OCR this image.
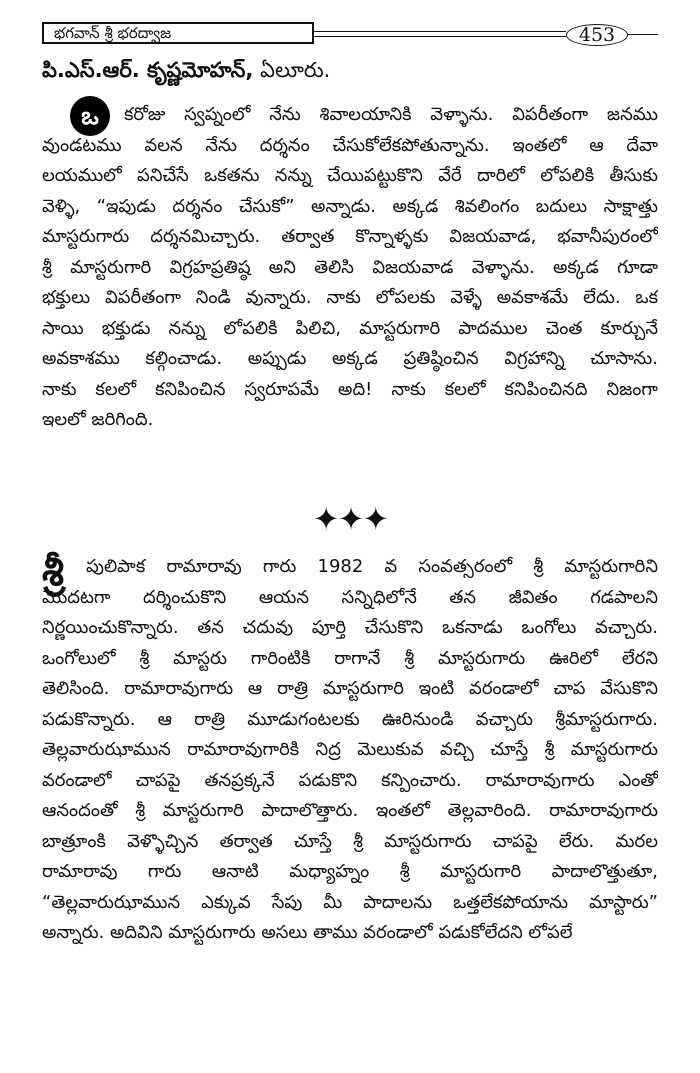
భగవాన్ శ్రీ భరద్వాజ	453
పి.ఎస్.ఆర్. కృష్ణమోహన్, ఏలూరు.
ఒ	కరోజు స్వప్నంలో నేను శివాలయానికి వెళ్ళాను. విపరీతంగా జనము
వుండటము వలన నేను దర్శనం చేసుకోలేకపోతున్నాను. ఇంతలో ఆ దేవా
లయములో పనిచేసే ఒకతను నన్ను చేయిపట్టుకొని వేరే దారిలో లోపలికి తీసుకు
వెళ్ళి, “ఇపుడు దర్శనం చేసుకో” అన్నాడు. అక్కడ శివలింగం బదులు సాక్షాత్తు
మాస్టరుగారు దర్శనమిచ్చారు. తర్వాత కొన్నాళ్ళకు విజయవాడ, భవానీపురంలో
శ్రీ మాస్టరుగారి విగ్రహప్రతిష్ఠ అని తెలిసి విజయవాడ వెళ్ళాను. అక్కడ గూడా
భక్తులు విపరీతంగా నిండి వున్నారు. నాకు లోపలకు వెళ్ళే అవకాశమే లేదు. ఒక
సాయి భక్తుడు నన్ను లోపలికి పిలిచి, మాస్టరుగారి పాదముల చెంత కూర్చునే
అవకాశము కల్గించాడు. అప్పుడు అక్కడ ప్రతిష్ఠించిన విగ్రహాన్ని చూసాను.
నాకు కలలో కనిపించిన స్వరూపమే అది! నాకు కలలో కనిపించినది నిజంగా
ఇలలో జరిగింది.
✦✦✦
శ్రీ	పులిపాక రామారావు గారు 1982 వ సంవత్సరంలో శ్రీ మాస్టరుగారిని
మొదటగా దర్శించుకొని ఆయన సన్నిధిలోనే తన జీవితం గడపాలని
నిర్ణయించుకొన్నారు. తన చదువు పూర్తి చేసుకొని ఒకనాడు ఒంగోలు వచ్చారు.
ఒంగోలులో శ్రీ మాస్టరు గారింటికి రాగానే శ్రీ మాస్టరుగారు ఊరిలో లేరని
తెలిసింది. రామారావుగారు ఆ రాత్రి మాస్టరుగారి ఇంటి వరండాలో చాప వేసుకొని
పడుకొన్నారు. ఆ రాత్రి మూడుగంటలకు ఊరినుండి వచ్చారు శ్రీమాస్టరుగారు.
తెల్లవారుఝామున రామారావుగారికి నిద్ర మెలుకువ వచ్చి చూస్తే శ్రీ మాస్టరుగారు
వరండాలో చాపపై తనప్రక్కనే పడుకొని కన్పించారు. రామారావుగారు ఎంతో
ఆనందంతో శ్రీ మాస్టరుగారి పాదాలొత్తారు. ఇంతలో తెల్లవారింది. రామారావుగారు
బాత్రూంకి వెళ్ళొచ్చిన తర్వాత చూస్తే శ్రీ మాస్టరుగారు చాపపై లేరు. మరల
రామారావు గారు ఆనాటి మధ్యాహ్నం శ్రీ మాస్టరుగారి పాదాలొత్తుతూ,
“తెల్లవారుఝామున ఎక్కువ సేపు మీ పాదాలను ఒత్తలేకపోయాను మాస్టారు”
అన్నారు. అదివిని మాస్టరుగారు అసలు తాము వరండాలో పడుకోలేదని లోపలే
